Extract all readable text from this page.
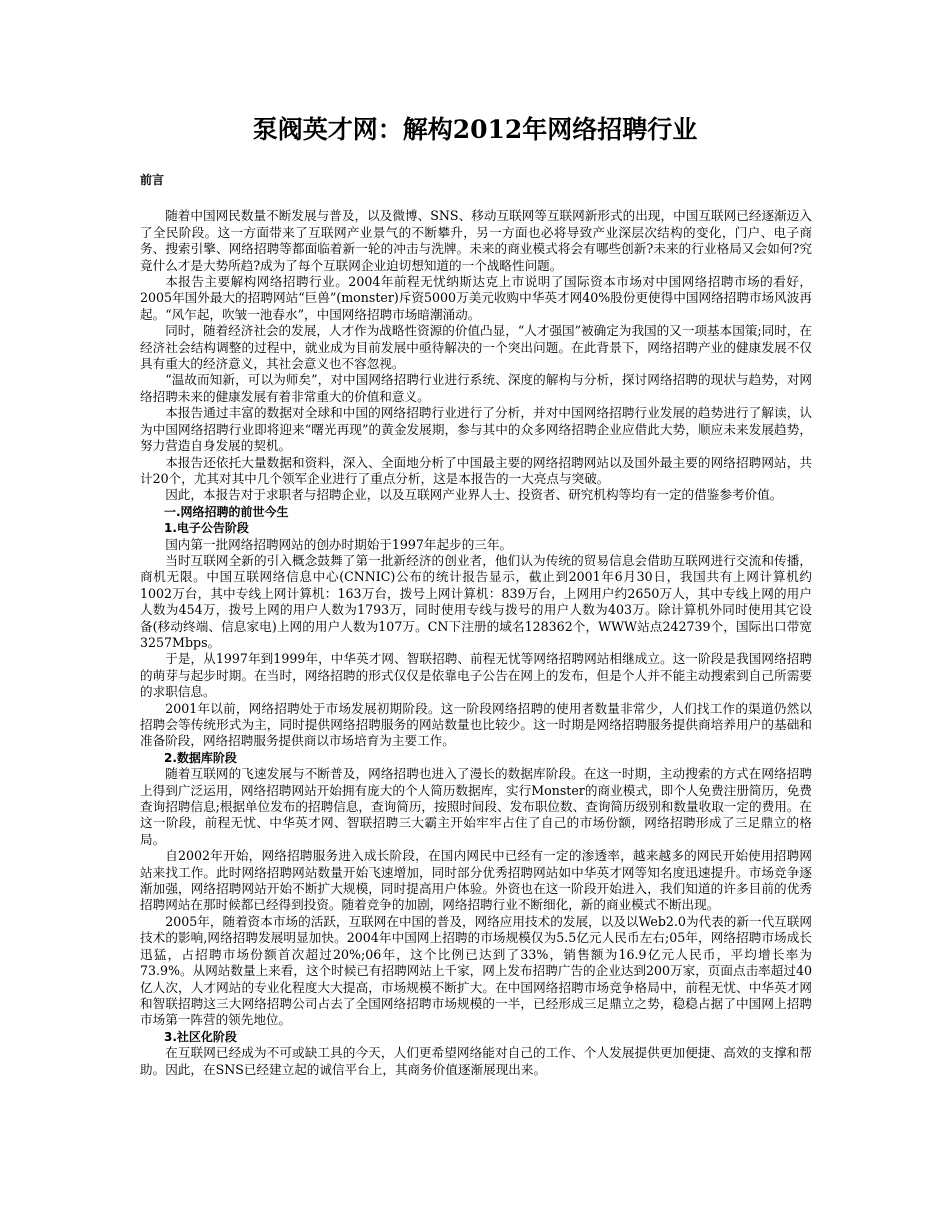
泵阀英才网：解构2012年网络招聘行业

前言

随着中国网民数量不断发展与普及，以及微博、SNS、移动互联网等互联网新形式的出现，中国互联网已经逐渐迈入了全民阶段。这一方面带来了互联网产业景气的不断攀升，另一方面也必将导致产业深层次结构的变化，门户、电子商务、搜索引擎、网络招聘等都面临着新一轮的冲击与洗牌。未来的商业模式将会有哪些创新?未来的行业格局又会如何?究竟什么才是大势所趋?成为了每个互联网企业迫切想知道的一个战略性问题。

本报告主要解构网络招聘行业。2004年前程无忧纳斯达克上市说明了国际资本市场对中国网络招聘市场的看好，2005年国外最大的招聘网站“巨兽”(monster)斥资5000万美元收购中华英才网40%股份更使得中国网络招聘市场风波再起。“风乍起，吹皱一池春水”，中国网络招聘市场暗潮涌动。

同时，随着经济社会的发展，人才作为战略性资源的价值凸显，“人才强国”被确定为我国的又一项基本国策;同时，在经济社会结构调整的过程中，就业成为目前发展中亟待解决的一个突出问题。在此背景下，网络招聘产业的健康发展不仅具有重大的经济意义，其社会意义也不容忽视。

“温故而知新，可以为师矣”，对中国网络招聘行业进行系统、深度的解构与分析，探讨网络招聘的现状与趋势，对网络招聘未来的健康发展有着非常重大的价值和意义。

本报告通过丰富的数据对全球和中国的网络招聘行业进行了分析，并对中国网络招聘行业发展的趋势进行了解读，认为中国网络招聘行业即将迎来“曙光再现”的黄金发展期，参与其中的众多网络招聘企业应借此大势，顺应未来发展趋势，努力营造自身发展的契机。

本报告还依托大量数据和资料，深入、全面地分析了中国最主要的网络招聘网站以及国外最主要的网络招聘网站，共计20个，尤其对其中几个领军企业进行了重点分析，这是本报告的一大亮点与突破。

因此，本报告对于求职者与招聘企业，以及互联网产业界人士、投资者、研究机构等均有一定的借鉴参考价值。

一.网络招聘的前世今生

1.电子公告阶段

国内第一批网络招聘网站的创办时期始于1997年起步的三年。

当时互联网全新的引入概念鼓舞了第一批新经济的创业者，他们认为传统的贸易信息会借助互联网进行交流和传播，商机无限。中国互联网络信息中心(CNNIC)公布的统计报告显示，截止到2001年6月30日，我国共有上网计算机约1002万台，其中专线上网计算机：163万台，拨号上网计算机：839万台，上网用户约2650万人，其中专线上网的用户人数为454万，拨号上网的用户人数为1793万，同时使用专线与拨号的用户人数为403万。除计算机外同时使用其它设备(移动终端、信息家电)上网的用户人数为107万。CN下注册的域名128362个，WWW站点242739个，国际出口带宽3257Mbps。

于是，从1997年到1999年，中华英才网、智联招聘、前程无忧等网络招聘网站相继成立。这一阶段是我国网络招聘的萌芽与起步时期。在当时，网络招聘的形式仅仅是依靠电子公告在网上的发布，但是个人并不能主动搜索到自己所需要的求职信息。

2001年以前，网络招聘处于市场发展初期阶段。这一阶段网络招聘的使用者数量非常少，人们找工作的渠道仍然以招聘会等传统形式为主，同时提供网络招聘服务的网站数量也比较少。这一时期是网络招聘服务提供商培养用户的基础和准备阶段，网络招聘服务提供商以市场培育为主要工作。

2.数据库阶段

随着互联网的飞速发展与不断普及，网络招聘也进入了漫长的数据库阶段。在这一时期，主动搜索的方式在网络招聘上得到广泛运用，网络招聘网站开始拥有庞大的个人简历数据库，实行Monster的商业模式，即个人免费注册简历，免费查询招聘信息;根据单位发布的招聘信息，查询简历，按照时间段、发布职位数、查询简历级别和数量收取一定的费用。在这一阶段，前程无忧、中华英才网、智联招聘三大霸主开始牢牢占住了自己的市场份额，网络招聘形成了三足鼎立的格局。

自2002年开始，网络招聘服务进入成长阶段，在国内网民中已经有一定的渗透率，越来越多的网民开始使用招聘网站来找工作。此时网络招聘网站数量开始飞速增加，同时部分优秀招聘网站如中华英才网等知名度迅速提升。市场竞争逐渐加强，网络招聘网站开始不断扩大规模，同时提高用户体验。外资也在这一阶段开始进入，我们知道的许多目前的优秀招聘网站在那时候都已经得到投资。随着竞争的加剧，网络招聘行业不断细化，新的商业模式不断出现。

2005年，随着资本市场的活跃，互联网在中国的普及，网络应用技术的发展，以及以Web2.0为代表的新一代互联网技术的影响,网络招聘发展明显加快。2004年中国网上招聘的市场规模仅为5.5亿元人民币左右;05年，网络招聘市场成长迅猛，占招聘市场份额首次超过20%;06年，这个比例已达到了33%，销售额为16.9亿元人民币，平均增长率为73.9%。从网站数量上来看，这个时候已有招聘网站上千家，网上发布招聘广告的企业达到200万家，页面点击率超过40亿人次，人才网站的专业化程度大大提高，市场规模不断扩大。在中国网络招聘市场竞争格局中，前程无忧、中华英才网和智联招聘这三大网络招聘公司占去了全国网络招聘市场规模的一半，已经形成三足鼎立之势，稳稳占据了中国网上招聘市场第一阵营的领先地位。

3.社区化阶段

在互联网已经成为不可或缺工具的今天，人们更希望网络能对自己的工作、个人发展提供更加便捷、高效的支撑和帮助。因此，在SNS已经建立起的诚信平台上，其商务价值逐渐展现出来。
